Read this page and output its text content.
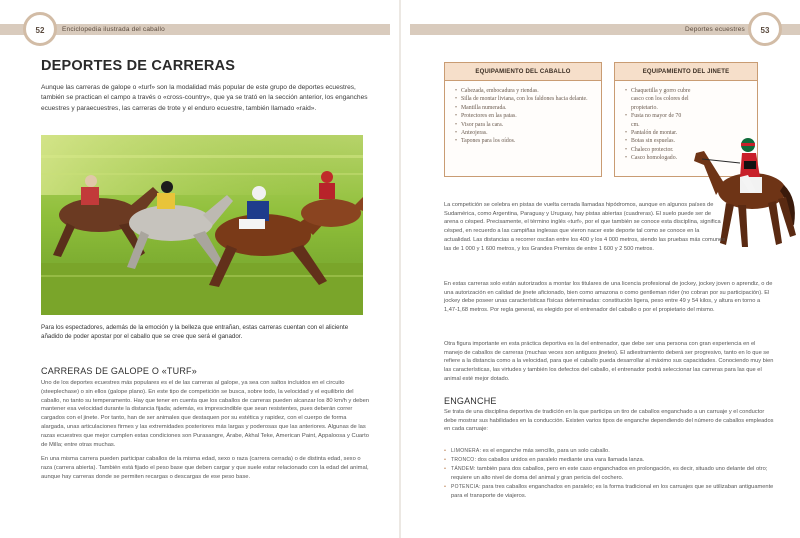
52	Enciclopedia ilustrada del caballo	Deportes ecuestres	53
DEPORTES DE CARRERAS
Aunque las carreras de galope o «turf» son la modalidad más popular de este grupo de deportes ecuestres, también se practican el campo a través o «cross-country», que ya se trató en la sección anterior, los enganches ecuestres y paraecuestres, las carreras de trote y el enduro ecuestre, también llamado «raid».
Para los espectadores, además de la emoción y la belleza que entrañan, estas carreras cuentan con el aliciente añadido de poder apostar por el caballo que se cree que será el ganador.
CARRERAS DE GALOPE O «TURF»

Uno de los deportes ecuestres más populares es el de las carreras al galope, ya sea con saltos incluidos en el circuito (steeplechase) o sin ellos (galope plano). En este tipo de competición se busca, sobre todo, la velocidad y el equilibrio del caballo, no tanto su temperamento. Hay que tener en cuenta que los caballos de carreras pueden alcanzar los 80 km/h y deben mantener esa velocidad durante la distancia fijada; además, es imprescindible que sean resistentes, pues deberán correr cargados con el jinete. Por tanto, han de ser animales que destaquen por su estética y rapidez, con el cuerpo de forma alargada, unas articulaciones firmes y las extremidades posteriores más largas y poderosas que las anteriores. Algunas de las razas ecuestres que mejor cumplen estas condiciones son Purasangre, Árabe, Akhal Teke, American Paint, Appaloosa y Cuarto de Milla; entre otras muchas.

En una misma carrera pueden participar caballos de la misma edad, sexo o raza (carrera cerrada) o de distinta edad, sexo o raza (carrera abierta). También está fijado el peso base que deben cargar y que suele estar relacionado con la edad del animal, aunque hay carreras donde se permiten recargas o descargas de ese peso base.

EQUIPAMIENTO DEL CABALLO
• Cabezada, embocadura y riendas.
• Silla de montar liviana, con los faldones hacia delante.
• Mantilla numerada.
• Protectores en las patas.
• Visor para la cara.
• Anteojeras.
• Tapones para los oídos.
EQUIPAMIENTO DEL JINETE
• Chaquetilla y gorro cubre casco con los colores del propietario.
• Fusta no mayor de 70 cm.
• Pantalón de montar.
• Botas sin espuelas.
• Chaleco protector.
• Casco homologado.
La competición se celebra en pistas de vuelta cerrada llamadas hipódromos, aunque en algunos países de Sudamérica, como Argentina, Paraguay y Uruguay, hay pistas abiertas (cuadreras). El suelo puede ser de arena o césped. Precisamente, el término inglés «turf», por el que también se conoce esta disciplina, significa césped, en recuerdo a las campiñas inglesas que vieron nacer este deporte tal como se conoce en la actualidad. Las distancias a recorrer oscilan entre los 400 y los 4 000 metros, siendo las pruebas más comunes las de 1 000 y 1 600 metros, y los Grandes Premios de entre 1 600 y 2 500 metros.
En estas carreras solo están autorizados a montar los titulares de una licencia profesional de jockey, jockey joven o aprendiz, o de una autorización en calidad de jinete aficionado, bien como amazona o como gentleman rider (no cobran por su participación). El jockey debe poseer unas características físicas determinadas: constitución ligera, peso entre 49 y 54 kilos, y altura en torno a 1,47-1,68 metros. Por regla general, es elegido por el entrenador del caballo o por el propietario del mismo.
Otra figura importante en esta práctica deportiva es la del entrenador, que debe ser una persona con gran experiencia en el manejo de caballos de carreras (muchas veces son antiguos jinetes). El adiestramiento deberá ser progresivo, tanto en lo que se refiere a la distancia como a la velocidad, para que el caballo pueda desarrollar al máximo sus capacidades. Conociendo muy bien las características, las virtudes y también los defectos del caballo, el entrenador podrá seleccionar las carreras para las que el animal esté mejor dotado.
ENGANCHE
Se trata de una disciplina deportiva de tradición en la que participa un tiro de caballos enganchado a un carruaje y el conductor debe mostrar sus habilidades en la conducción. Existen varios tipos de enganche dependiendo del número de caballos empleados en cada carruaje:
• LIMONERA: es el enganche más sencillo, para un solo caballo.
• TRONCO: dos caballos unidos en paralelo mediante una vara llamada lanza.
• TÁNDEM: también para dos caballos, pero en este caso enganchados en prolongación, es decir, situado uno delante del otro; requiere un alto nivel de doma del animal y gran pericia del cochero.
• POTENCIA: para tres caballos enganchados en paralelo; es la forma tradicional en los carruajes que se utilizaban antiguamente para el transporte de viajeros.
